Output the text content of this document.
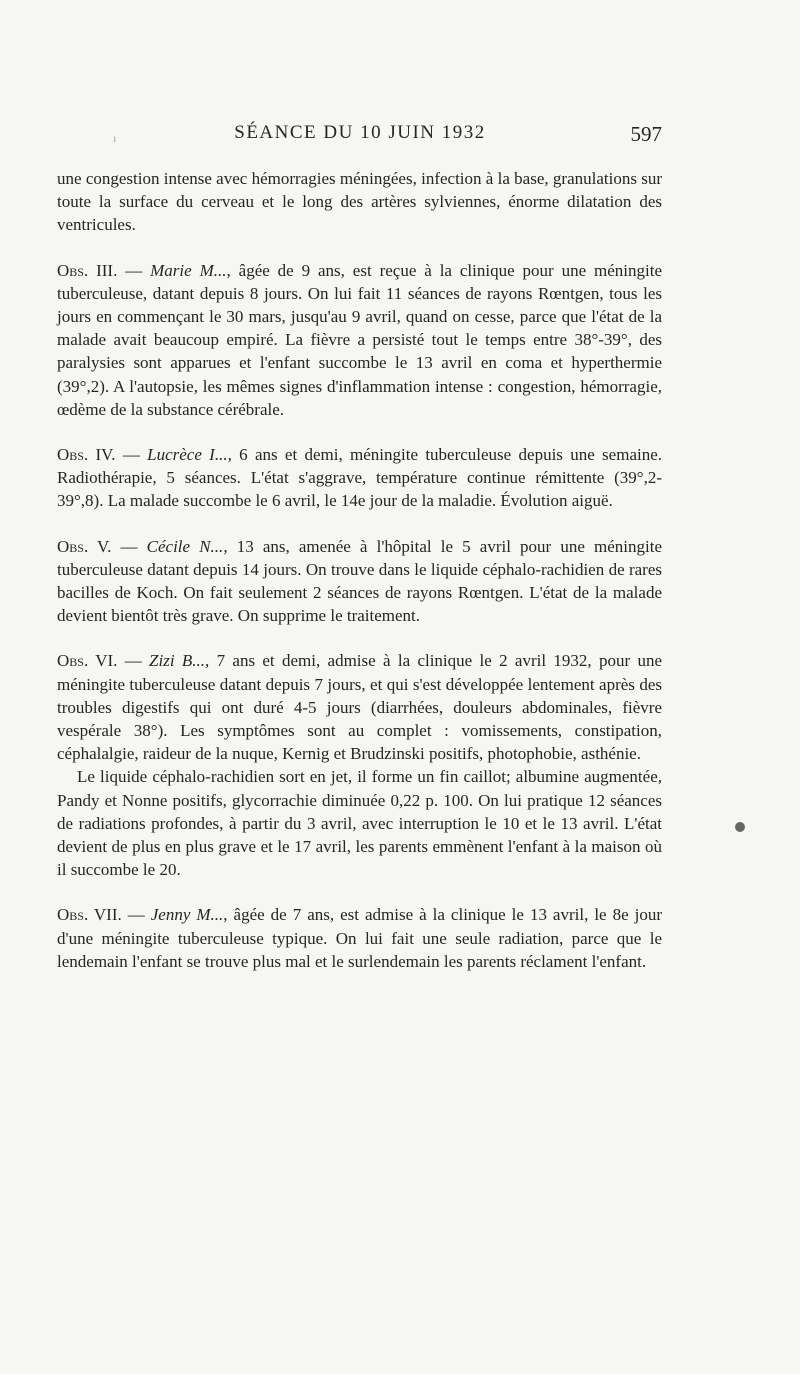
ı	SÉANCE DU 10 JUIN 1932	597

une congestion intense avec hémorragies méningées, infection à la base, granulations sur toute la surface du cerveau et le long des artères sylviennes, énorme dilatation des ventricules.

Obs. III. — Marie M..., âgée de 9 ans, est reçue à la clinique pour une méningite tuberculeuse, datant depuis 8 jours. On lui fait 11 séances de rayons Rœntgen, tous les jours en commençant le 30 mars, jusqu'au 9 avril, quand on cesse, parce que l'état de la malade avait beaucoup empiré. La fièvre a persisté tout le temps entre 38°-39°, des paralysies sont apparues et l'enfant succombe le 13 avril en coma et hyperthermie (39°,2). A l'autopsie, les mêmes signes d'inflammation intense : congestion, hémorragie, œdème de la substance cérébrale.

Obs. IV. — Lucrèce I..., 6 ans et demi, méningite tuberculeuse depuis une semaine. Radiothérapie, 5 séances. L'état s'aggrave, température continue rémittente (39°,2-39°,8). La malade succombe le 6 avril, le 14e jour de la maladie. Évolution aiguë.

Obs. V. — Cécile N..., 13 ans, amenée à l'hôpital le 5 avril pour une méningite tuberculeuse datant depuis 14 jours. On trouve dans le liquide céphalo-rachidien de rares bacilles de Koch. On fait seulement 2 séances de rayons Rœntgen. L'état de la malade devient bientôt très grave. On supprime le traitement.

Obs. VI. — Zizi B..., 7 ans et demi, admise à la clinique le 2 avril 1932, pour une méningite tuberculeuse datant depuis 7 jours, et qui s'est développée lentement après des troubles digestifs qui ont duré 4-5 jours (diarrhées, douleurs abdominales, fièvre vespérale 38°). Les symptômes sont au complet : vomissements, constipation, céphalalgie, raideur de la nuque, Kernig et Brudzinski positifs, photophobie, asthénie.

Le liquide céphalo-rachidien sort en jet, il forme un fin caillot; albumine augmentée, Pandy et Nonne positifs, glycorrachie diminuée 0,22 p. 100. On lui pratique 12 séances de radiations profondes, à partir du 3 avril, avec interruption le 10 et le 13 avril. L'état devient de plus en plus grave et le 17 avril, les parents emmènent l'enfant à la maison où il succombe le 20.

Obs. VII. — Jenny M..., âgée de 7 ans, est admise à la clinique le 13 avril, le 8e jour d'une méningite tuberculeuse typique. On lui fait une seule radiation, parce que le lendemain l'enfant se trouve plus mal et le surlendemain les parents réclament l'enfant.
